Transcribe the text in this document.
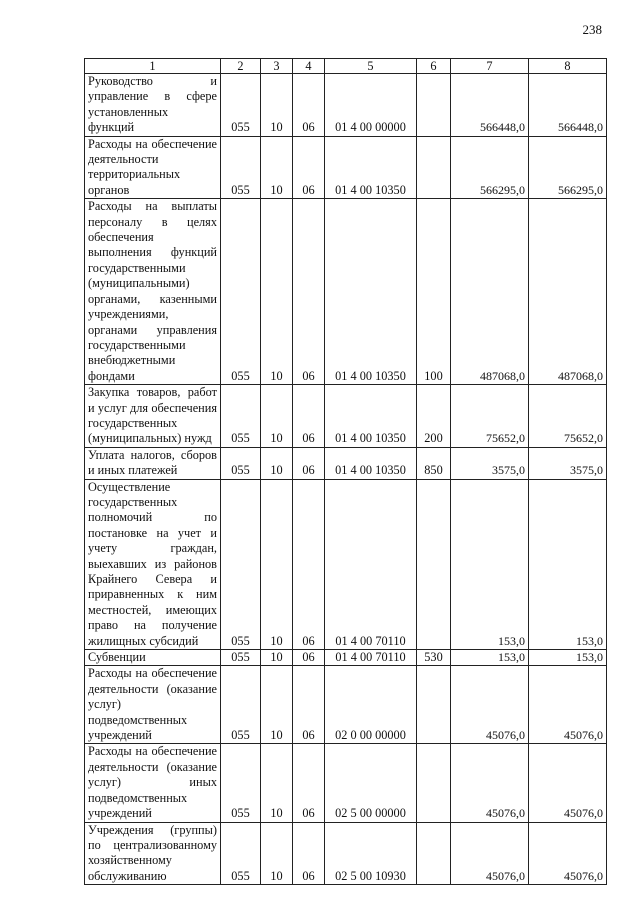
238
1	2	3	4	5	6	7	8
Руководство и управление в сфере установленных функций	055	10	06	01 4 00 00000		566448,0	566448,0
Расходы на обеспечение деятельности территориальных органов	055	10	06	01 4 00 10350		566295,0	566295,0
Расходы на выплаты персоналу в целях обеспечения выполнения функций государственными (муниципальными) органами, казенными учреждениями, органами управления государственными внебюджетными фондами	055	10	06	01 4 00 10350	100	487068,0	487068,0
Закупка товаров, работ и услуг для обеспечения государственных (муниципальных) нужд	055	10	06	01 4 00 10350	200	75652,0	75652,0
Уплата налогов, сборов и иных платежей	055	10	06	01 4 00 10350	850	3575,0	3575,0
Осуществление государственных полномочий по постановке на учет и учету граждан, выехавших из районов Крайнего Севера и приравненных к ним местностей, имеющих право на получение жилищных субсидий	055	10	06	01 4 00 70110		153,0	153,0
Субвенции	055	10	06	01 4 00 70110	530	153,0	153,0
Расходы на обеспечение деятельности (оказание услуг) подведомственных учреждений	055	10	06	02 0 00 00000		45076,0	45076,0
Расходы на обеспечение деятельности (оказание услуг) иных подведомственных учреждений	055	10	06	02 5 00 00000		45076,0	45076,0
Учреждения (группы) по централизованному хозяйственному обслуживанию	055	10	06	02 5 00 10930		45076,0	45076,0
